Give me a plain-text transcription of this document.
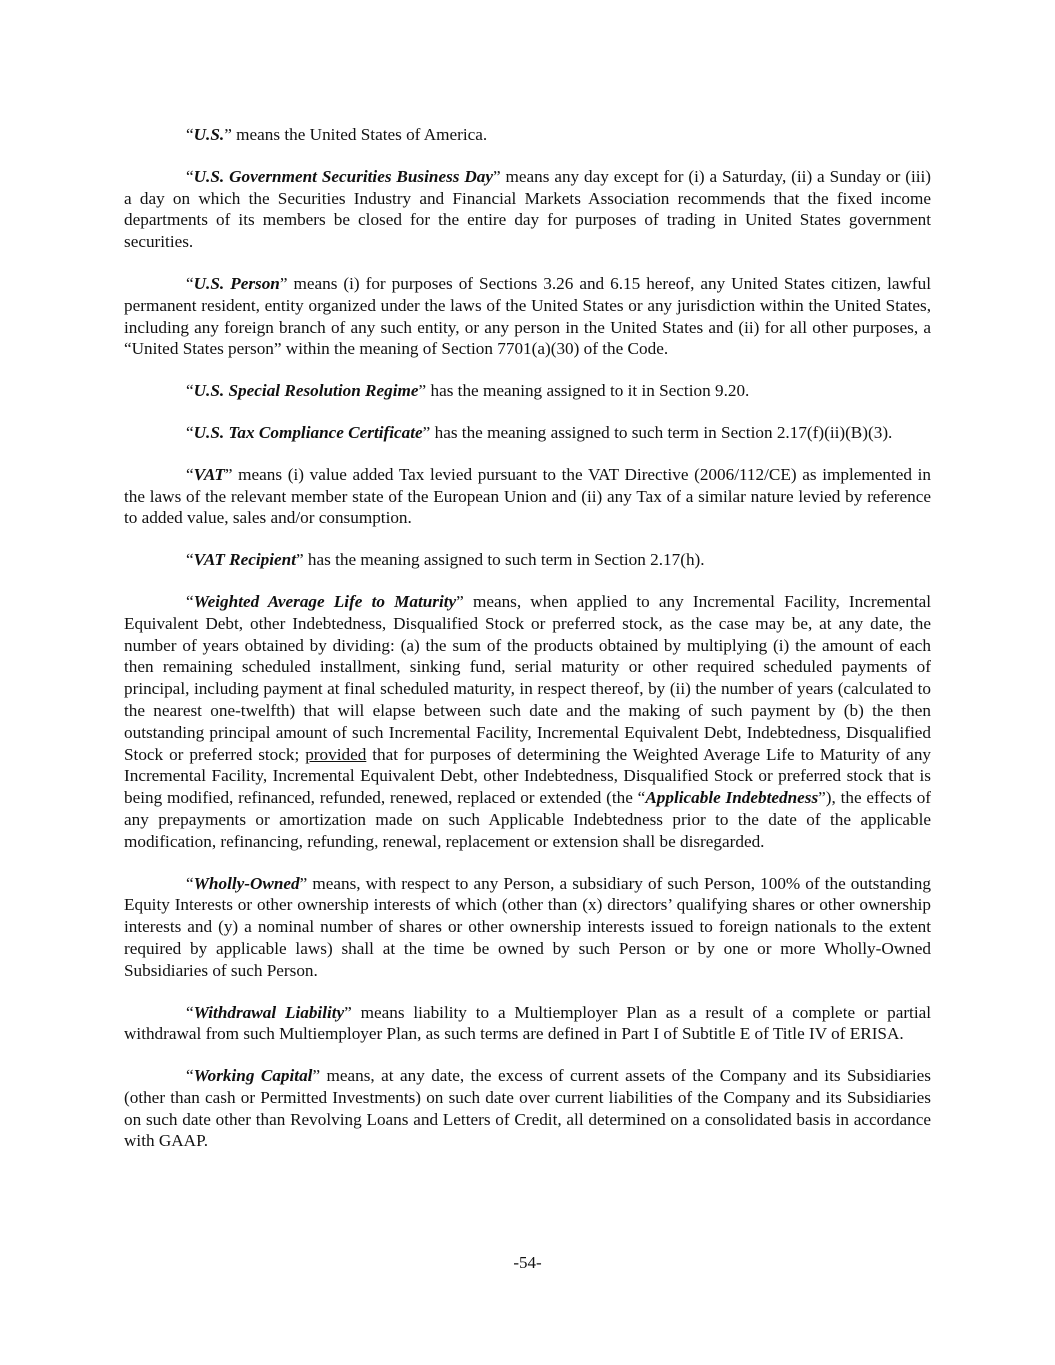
“U.S.” means the United States of America.

“U.S. Government Securities Business Day” means any day except for (i) a Saturday, (ii) a Sunday or (iii) a day on which the Securities Industry and Financial Markets Association recommends that the fixed income departments of its members be closed for the entire day for purposes of trading in United States government securities.

“U.S. Person” means (i) for purposes of Sections 3.26 and 6.15 hereof, any United States citizen, lawful permanent resident, entity organized under the laws of the United States or any jurisdiction within the United States, including any foreign branch of any such entity, or any person in the United States and (ii) for all other purposes, a “United States person” within the meaning of Section 7701(a)(30) of the Code.

“U.S. Special Resolution Regime” has the meaning assigned to it in Section 9.20.

“U.S. Tax Compliance Certificate” has the meaning assigned to such term in Section 2.17(f)(ii)(B)(3).

“VAT” means (i) value added Tax levied pursuant to the VAT Directive (2006/112/CE) as implemented in the laws of the relevant member state of the European Union and (ii) any Tax of a similar nature levied by reference to added value, sales and/or consumption.

“VAT Recipient” has the meaning assigned to such term in Section 2.17(h).

“Weighted Average Life to Maturity” means, when applied to any Incremental Facility, Incremental Equivalent Debt, other Indebtedness, Disqualified Stock or preferred stock, as the case may be, at any date, the number of years obtained by dividing: (a) the sum of the products obtained by multiplying (i) the amount of each then remaining scheduled installment, sinking fund, serial maturity or other required scheduled payments of principal, including payment at final scheduled maturity, in respect thereof, by (ii) the number of years (calculated to the nearest one-twelfth) that will elapse between such date and the making of such payment by (b) the then outstanding principal amount of such Incremental Facility, Incremental Equivalent Debt, Indebtedness, Disqualified Stock or preferred stock; provided that for purposes of determining the Weighted Average Life to Maturity of any Incremental Facility, Incremental Equivalent Debt, other Indebtedness, Disqualified Stock or preferred stock that is being modified, refinanced, refunded, renewed, replaced or extended (the “Applicable Indebtedness”), the effects of any prepayments or amortization made on such Applicable Indebtedness prior to the date of the applicable modification, refinancing, refunding, renewal, replacement or extension shall be disregarded.

“Wholly-Owned” means, with respect to any Person, a subsidiary of such Person, 100% of the outstanding Equity Interests or other ownership interests of which (other than (x) directors’ qualifying shares or other ownership interests and (y) a nominal number of shares or other ownership interests issued to foreign nationals to the extent required by applicable laws) shall at the time be owned by such Person or by one or more Wholly-Owned Subsidiaries of such Person.

“Withdrawal Liability” means liability to a Multiemployer Plan as a result of a complete or partial withdrawal from such Multiemployer Plan, as such terms are defined in Part I of Subtitle E of Title IV of ERISA.

“Working Capital” means, at any date, the excess of current assets of the Company and its Subsidiaries (other than cash or Permitted Investments) on such date over current liabilities of the Company and its Subsidiaries on such date other than Revolving Loans and Letters of Credit, all determined on a consolidated basis in accordance with GAAP.

-54-
